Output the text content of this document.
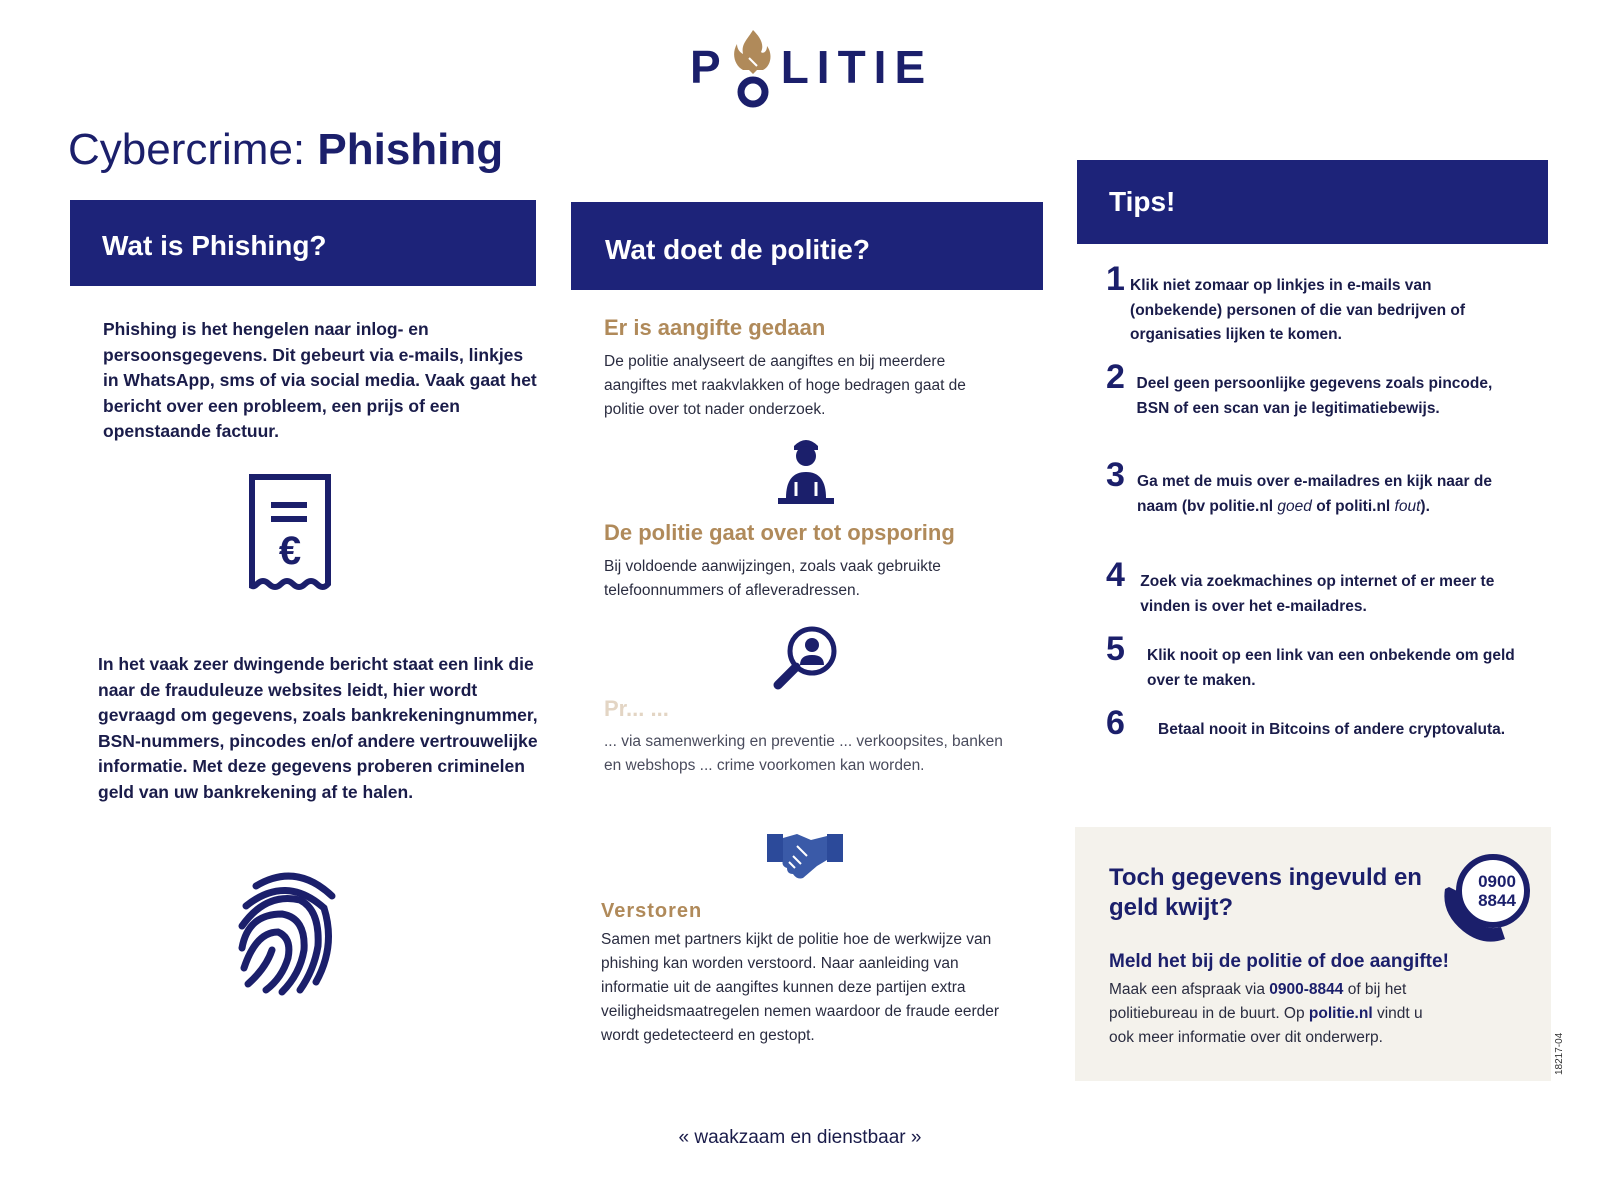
P LITIE
Cybercrime: Phishing
Wat is Phishing?

Phishing is het hengelen naar inlog- en persoonsgegevens. Dit gebeurt via e-mails, linkjes in WhatsApp, sms of via social media. Vaak gaat het bericht over een probleem, een prijs of een openstaande factuur.

€

In het vaak zeer dwingende bericht staat een link die naar de frauduleuze websites leidt, hier wordt gevraagd om gegevens, zoals bankrekeningnummer, BSN-nummers, pincodes en/of andere vertrouwelijke informatie. Met deze gegevens proberen criminelen geld van uw bankrekening af te halen.

Wat doet de politie?

Er is aangifte gedaan

De politie analyseert de aangiftes en bij meerdere aangiftes met raakvlakken of hoge bedragen gaat de politie over tot nader onderzoek.

De politie gaat over tot opsporing

Bij voldoende aanwijzingen, zoals vaak gebruikte telefoonnummers of afleveradressen.

Pr... ...

... via samenwerking en preventie ... verkoopsites, banken en webshops ... crime voorkomen kan worden.

Verstoren

Samen met partners kijkt de politie hoe de werkwijze van phishing kan worden verstoord. Naar aanleiding van informatie uit de aangiftes kunnen deze partijen extra veiligheidsmaatregelen nemen waardoor de fraude eerder wordt gedetecteerd en gestopt.

Tips!
1 Klik niet zomaar op linkjes in e-mails van (onbekende) personen of die van bedrijven of organisaties lijken te komen.
2 Deel geen persoonlijke gegevens zoals pincode, BSN of een scan van je legitimatiebewijs.
3 Ga met de muis over e-mailadres en kijk naar de naam (bv politie.nl goed of politi.nl fout).
4 Zoek via zoekmachines op internet of er meer te vinden is over het e-mailadres.
5	Klik nooit op een link van een onbekende om geld over te maken.
6	Betaal nooit in Bitcoins of andere cryptovaluta.

Toch gegevens ingevuld en geld kwijt?

0900
8844

Meld het bij de politie of doe aangifte!

Maak een afspraak via 0900-8844 of bij het politiebureau in de buurt. Op politie.nl vindt u ook meer informatie over dit onderwerp.	18217-04
« waakzaam en dienstbaar »
